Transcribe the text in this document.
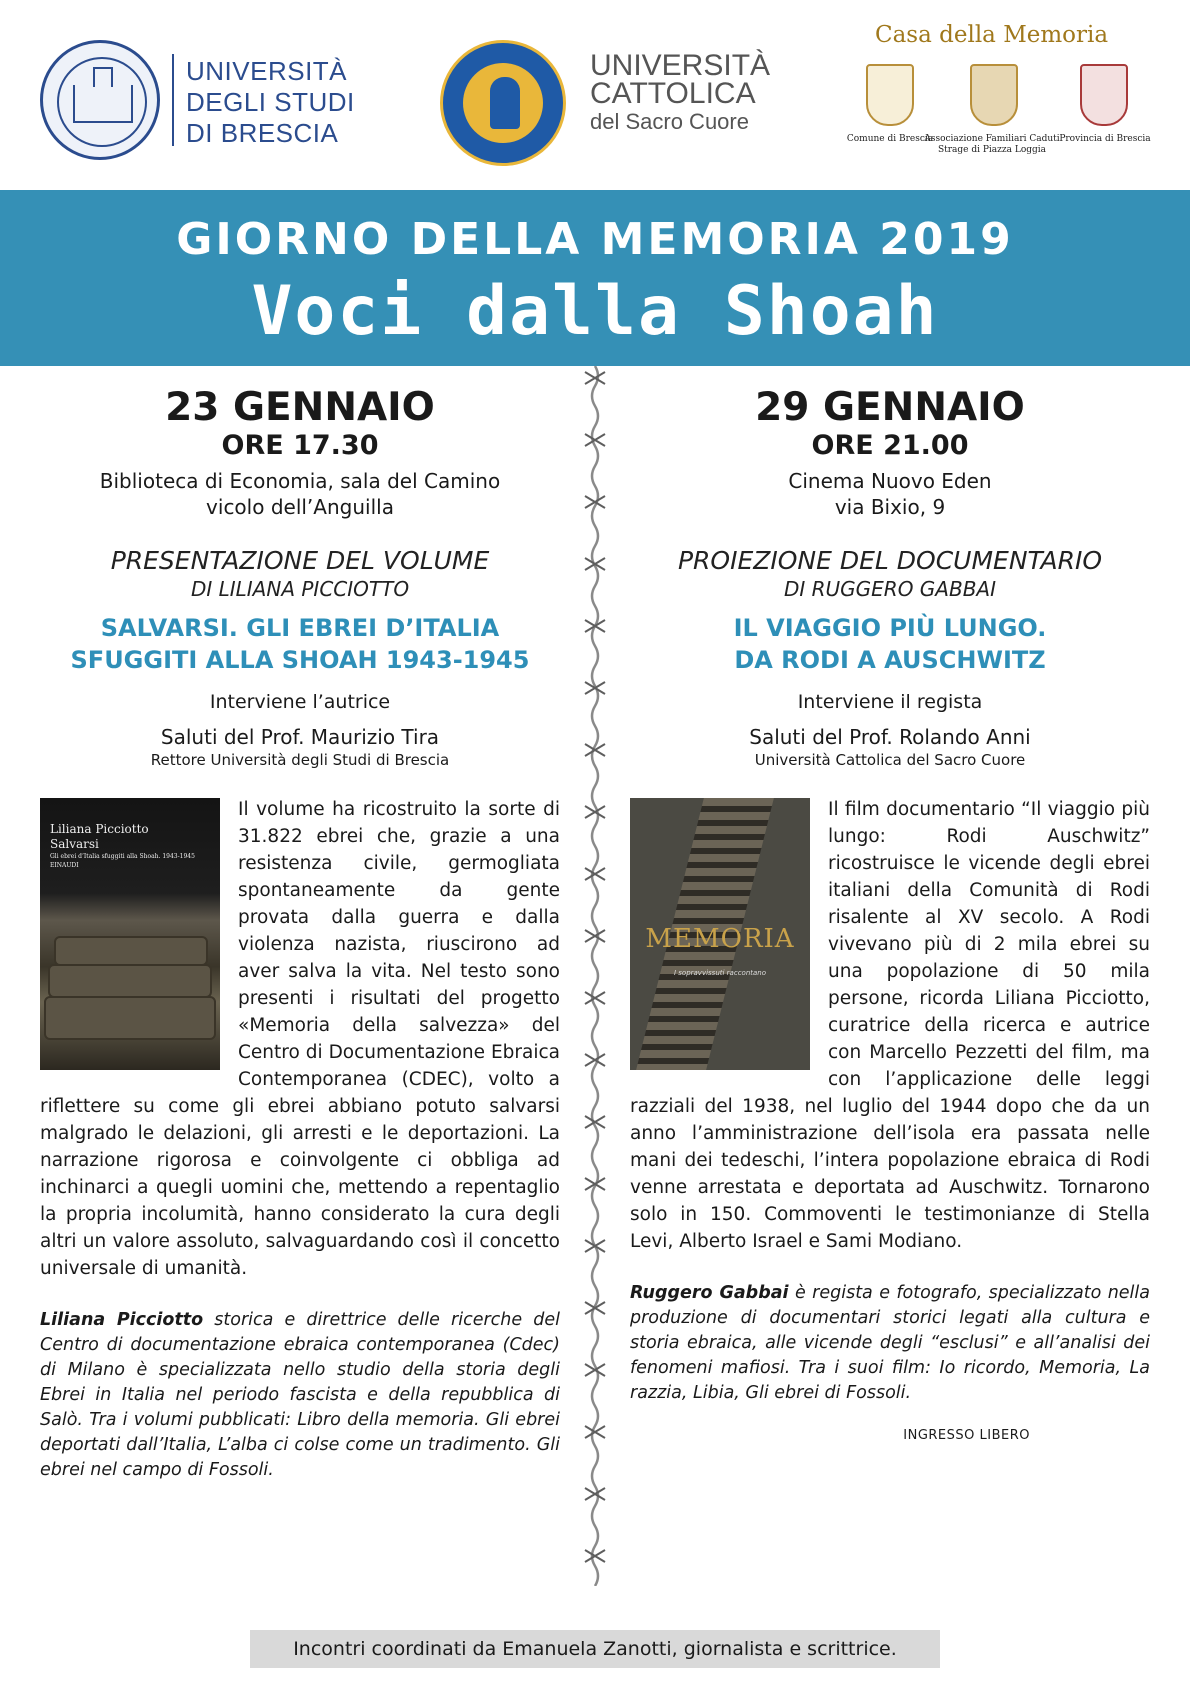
UNIVERSITÀ
DEGLI STUDI
DI BRESCIA
UNIVERSITÀ
CATTOLICA
del Sacro Cuore
Casa della Memoria
Comune di Brescia
Associazione Familiari Caduti Strage di Piazza Loggia
Provincia di Brescia
GIORNO DELLA MEMORIA 2019
Voci dalla Shoah
23 GENNAIO
ORE 17.30
Biblioteca di Economia, sala del Camino
vicolo dell’Anguilla
PRESENTAZIONE DEL VOLUME
DI LILIANA PICCIOTTO
SALVARSI. GLI EBREI D’ITALIA
SFUGGITI ALLA SHOAH 1943-1945
Interviene l’autrice
Saluti del Prof. Maurizio Tira
Rettore Università degli Studi di Brescia
Liliana Picciotto
Salvarsi
Gli ebrei d’Italia sfuggiti alla Shoah. 1943-1945
EINAUDI
Il volume ha ricostruito la sorte di 31.822 ebrei che, grazie a una resistenza civile, germogliata spontaneamente da gente provata dalla guerra e dalla violenza nazista, riuscirono ad aver salva la vita. Nel testo sono presenti i risultati del progetto «Memoria della salvezza» del Centro di Documentazione Ebraica Contemporanea (CDEC), volto a riflettere su come gli ebrei abbiano potuto salvarsi malgrado le delazioni, gli arresti e le deportazioni. La narrazione rigorosa e coinvolgente ci obbliga ad inchinarci a quegli uomini che, mettendo a repentaglio la propria incolumità, hanno considerato la cura degli altri un valore assoluto, salvaguardando così il concetto universale di umanità.
Liliana Picciotto storica e direttrice delle ricerche del Centro di documentazione ebraica contemporanea (Cdec) di Milano è specializzata nello studio della storia degli Ebrei in Italia nel periodo fascista e della repubblica di Salò. Tra i volumi pubblicati: Libro della memoria. Gli ebrei deportati dall’Italia, L’alba ci colse come un tradimento. Gli ebrei nel campo di Fossoli.
29 GENNAIO
ORE 21.00
Cinema Nuovo Eden
via Bixio, 9
PROIEZIONE DEL DOCUMENTARIO
DI RUGGERO GABBAI
IL VIAGGIO PIÙ LUNGO.
DA RODI A AUSCHWITZ
Interviene il regista
Saluti del Prof. Rolando Anni
Università Cattolica del Sacro Cuore
MEMORIA
I sopravvissuti raccontano
Il film documentario “Il viaggio più lungo: Rodi Auschwitz” ricostruisce le vicende degli ebrei italiani della Comunità di Rodi risalente al XV secolo. A Rodi vivevano più di 2 mila ebrei su una popolazione di 50 mila persone, ricorda Liliana Picciotto, curatrice della ricerca e autrice con Marcello Pezzetti del film, ma con l’applicazione delle leggi razziali del 1938, nel luglio del 1944 dopo che da un anno l’amministrazione dell’isola era passata nelle mani dei tedeschi, l’intera popolazione ebraica di Rodi venne arrestata e deportata ad Auschwitz. Tornarono solo in 150. Commoventi le testimonianze di Stella Levi, Alberto Israel e Sami Modiano.
Ruggero Gabbai è regista e fotografo, specializzato nella produzione di documentari storici legati alla cultura e storia ebraica, alle vicende degli “esclusi” e all’analisi dei fenomeni mafiosi. Tra i suoi film: Io ricordo, Memoria, La razzia, Libia, Gli ebrei di Fossoli.
INGRESSO LIBERO
Incontri coordinati da Emanuela Zanotti, giornalista e scrittrice.
